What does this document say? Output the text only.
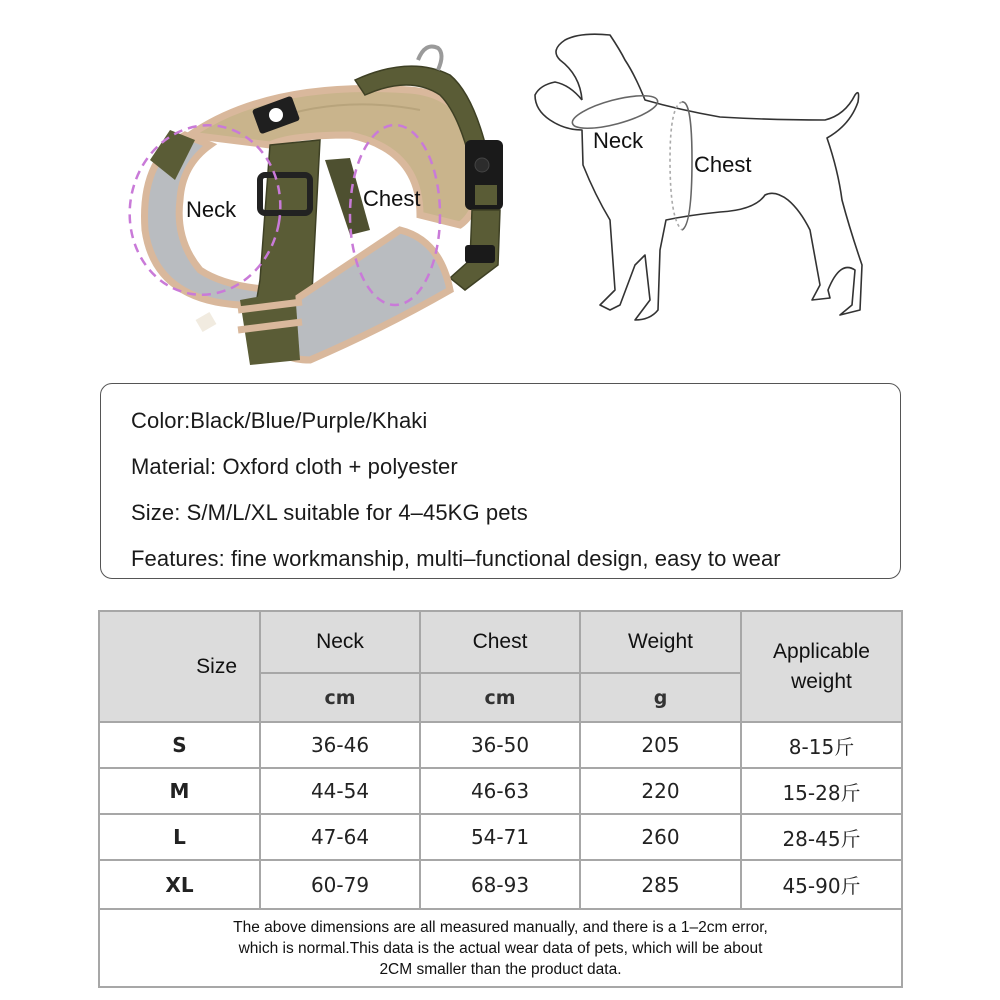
Neck	Chest
Neck
Chest
Color:Black/Blue/Purple/Khaki
Material: Oxford cloth + polyester
Size: S/M/L/XL suitable for 4–45KG pets
Features: fine workmanship, multi–functional design, easy to wear
Size	Neck	Chest	Weight	Applicable
weight
	cm	cm	g	
S	36-46	36-50	205	8-15斤
M	44-54	46-63	220	15-28斤
L	47-64	54-71	260	28-45斤
XL	60-79	68-93	285	45-90斤
The above dimensions are all measured manually, and there is a 1–2cm error,
which is normal.This data is the actual wear data of pets, which will be about
2CM smaller than the product data.				
